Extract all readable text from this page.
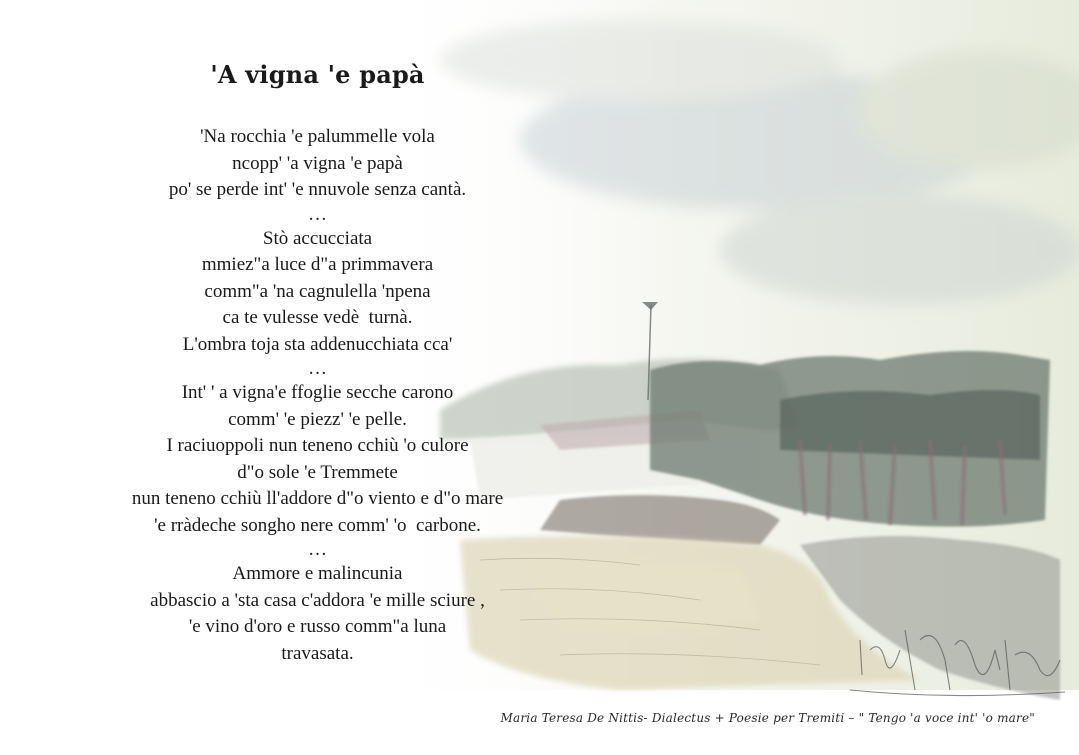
'A vigna 'e papà
'Na rocchia 'e palummelle vola
ncopp' 'a vigna 'e papà
po' se perde int' 'e nnuvole senza cantà.
…
Stò accucciata
mmiez"a luce d"a primmavera
comm"a 'na cagnulella 'npena
ca te vulesse vedè  turnà.
L'ombra toja sta addenucchiata cca'
…
Int' ' a vigna'e ffoglie secche carono
comm' 'e piezz' 'e pelle.
I raciuoppoli nun teneno cchiù 'o culore
d"o sole 'e Tremmete
nun teneno cchiù ll'addore d"o viento e d"o mare
'e rràdeche songho nere comm' 'o  carbone.
…
Ammore e malincunia
abbascio a 'sta casa c'addora 'e mille sciure ,
'e vino d'oro e russo comm"a luna
travasata.
Maria Teresa De Nittis- Dialectus + Poesie per Tremiti – " Tengo 'a voce int' 'o mare"
